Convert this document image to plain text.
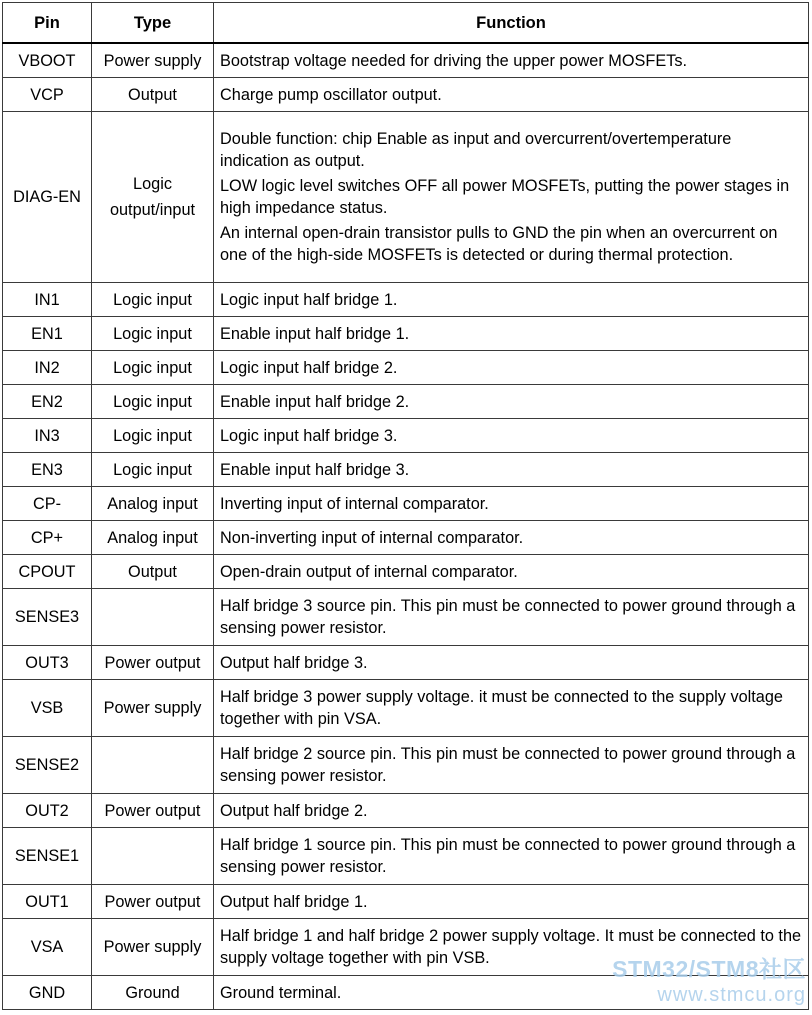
Pin	Type	Function
VBOOT	Power supply	Bootstrap voltage needed for driving the upper power MOSFETs.

VCP	Output	Charge pump oscillator output.

DIAG-EN	Logic output/input	Double function: chip Enable as input and overcurrent/overtemperature indication as output.

LOW logic level switches OFF all power MOSFETs, putting the power stages in high impedance status.

An internal open-drain transistor pulls to GND the pin when an overcurrent on one of the high-side MOSFETs is detected or during thermal protection.

IN1	Logic input	Logic input half bridge 1.

EN1	Logic input	Enable input half bridge 1.

IN2	Logic input	Logic input half bridge 2.

EN2	Logic input	Enable input half bridge 2.

IN3	Logic input	Logic input half bridge 3.

EN3	Logic input	Enable input half bridge 3.

CP-	Analog input	Inverting input of internal comparator.

CP+	Analog input	Non-inverting input of internal comparator.

CPOUT	Output	Open-drain output of internal comparator.

SENSE3		Half bridge 3 source pin. This pin must be connected to power ground through a sensing power resistor.

OUT3	Power output	Output half bridge 3.

VSB	Power supply	Half bridge 3 power supply voltage. it must be connected to the supply voltage together with pin VSA.

SENSE2		Half bridge 2 source pin. This pin must be connected to power ground through a sensing power resistor.

OUT2	Power output	Output half bridge 2.

SENSE1		Half bridge 1 source pin. This pin must be connected to power ground through a sensing power resistor.

OUT1	Power output	Output half bridge 1.

VSA	Power supply	Half bridge 1 and half bridge 2 power supply voltage. It must be connected to the supply voltage together with pin VSB.

GND	Ground	Ground terminal.

STM32/STM8社区
www.stmcu.org
